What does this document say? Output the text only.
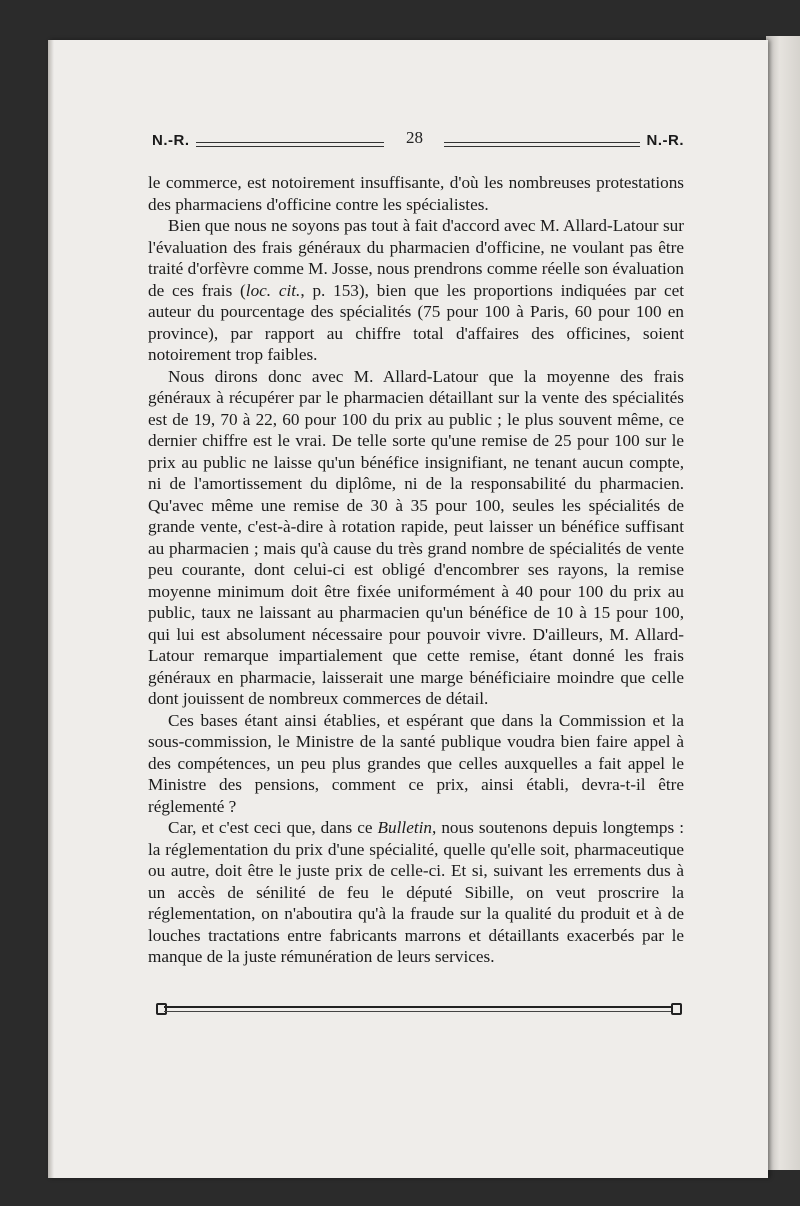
N.-R.	28	N.-R.

le commerce, est notoirement insuffisante, d'où les nombreuses protestations des pharmaciens d'officine contre les spécialistes.

Bien que nous ne soyons pas tout à fait d'accord avec M. Allard-Latour sur l'évaluation des frais généraux du pharmacien d'officine, ne voulant pas être traité d'orfèvre comme M. Josse, nous prendrons comme réelle son évaluation de ces frais (loc. cit., p. 153), bien que les proportions indiquées par cet auteur du pourcentage des spécialités (75 pour 100 à Paris, 60 pour 100 en province), par rapport au chiffre total d'affaires des officines, soient notoirement trop faibles.

Nous dirons donc avec M. Allard-Latour que la moyenne des frais généraux à récupérer par le pharmacien détaillant sur la vente des spécialités est de 19, 70 à 22, 60 pour 100 du prix au public ; le plus souvent même, ce dernier chiffre est le vrai. De telle sorte qu'une remise de 25 pour 100 sur le prix au public ne laisse qu'un bénéfice insignifiant, ne tenant aucun compte, ni de l'amortissement du diplôme, ni de la responsabilité du pharmacien. Qu'avec même une remise de 30 à 35 pour 100, seules les spécialités de grande vente, c'est-à-dire à rotation rapide, peut laisser un bénéfice suffisant au pharmacien ; mais qu'à cause du très grand nombre de spécialités de vente peu courante, dont celui-ci est obligé d'encombrer ses rayons, la remise moyenne minimum doit être fixée uniformément à 40 pour 100 du prix au public, taux ne laissant au pharmacien qu'un bénéfice de 10 à 15 pour 100, qui lui est absolument nécessaire pour pouvoir vivre. D'ailleurs, M. Allard-Latour remarque impartialement que cette remise, étant donné les frais généraux en pharmacie, laisserait une marge bénéficiaire moindre que celle dont jouissent de nombreux commerces de détail.

Ces bases étant ainsi établies, et espérant que dans la Commission et la sous-commission, le Ministre de la santé publique voudra bien faire appel à des compétences, un peu plus grandes que celles auxquelles a fait appel le Ministre des pensions, comment ce prix, ainsi établi, devra-t-il être réglementé ?

Car, et c'est ceci que, dans ce Bulletin, nous soutenons depuis longtemps : la réglementation du prix d'une spécialité, quelle qu'elle soit, pharmaceutique ou autre, doit être le juste prix de celle-ci. Et si, suivant les errements dus à un accès de sénilité de feu le député Sibille, on veut proscrire la réglementation, on n'aboutira qu'à la fraude sur la qualité du produit et à de louches tractations entre fabricants marrons et détaillants exacerbés par le manque de la juste rémunération de leurs services.
